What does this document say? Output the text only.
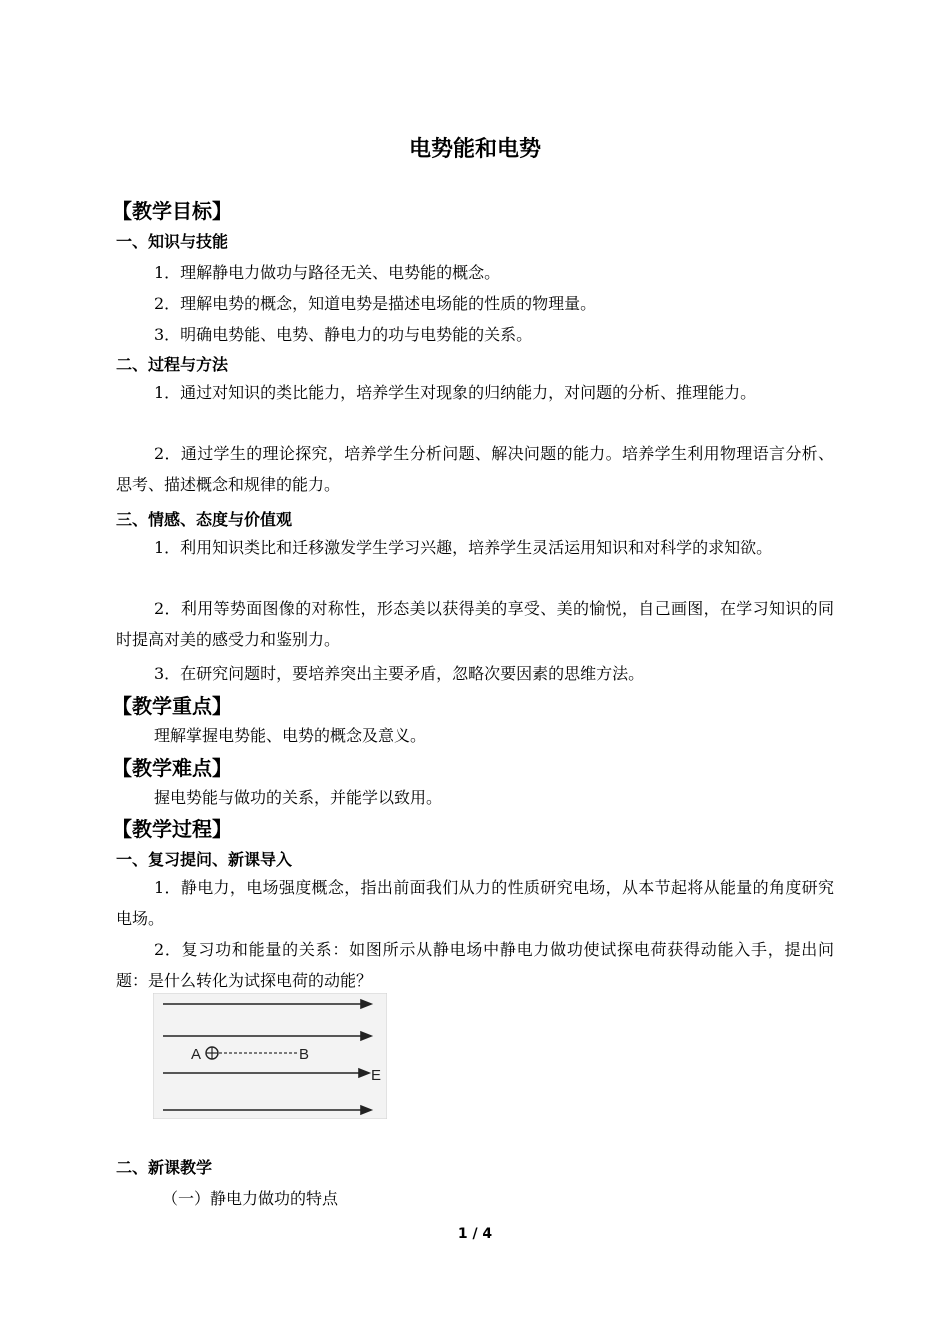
电势能和电势
【教学目标】
一、知识与技能
1．理解静电力做功与路径无关、电势能的概念。
2．理解电势的概念，知道电势是描述电场能的性质的物理量。
3．明确电势能、电势、静电力的功与电势能的关系。
二、过程与方法
1．通过对知识的类比能力，培养学生对现象的归纳能力，对问题的分析、推理能力。
2．通过学生的理论探究，培养学生分析问题、解决问题的能力。培养学生利用物理语言分析、思考、描述概念和规律的能力。
三、情感、态度与价值观
1．利用知识类比和迁移激发学生学习兴趣，培养学生灵活运用知识和对科学的求知欲。
2．利用等势面图像的对称性，形态美以获得美的享受、美的愉悦，自己画图，在学习知识的同时提高对美的感受力和鉴别力。
3．在研究问题时，要培养突出主要矛盾，忽略次要因素的思维方法。
【教学重点】
理解掌握电势能、电势的概念及意义。
【教学难点】
握电势能与做功的关系，并能学以致用。
【教学过程】
一、复习提问、新课导入
1．静电力，电场强度概念，指出前面我们从力的性质研究电场，从本节起将从能量的角度研究电场。
2．复习功和能量的关系：如图所示从静电场中静电力做功使试探电荷获得动能入手，提出问题：是什么转化为试探电荷的动能？
A	B
E
二、新课教学
（一）静电力做功的特点
1 / 4
